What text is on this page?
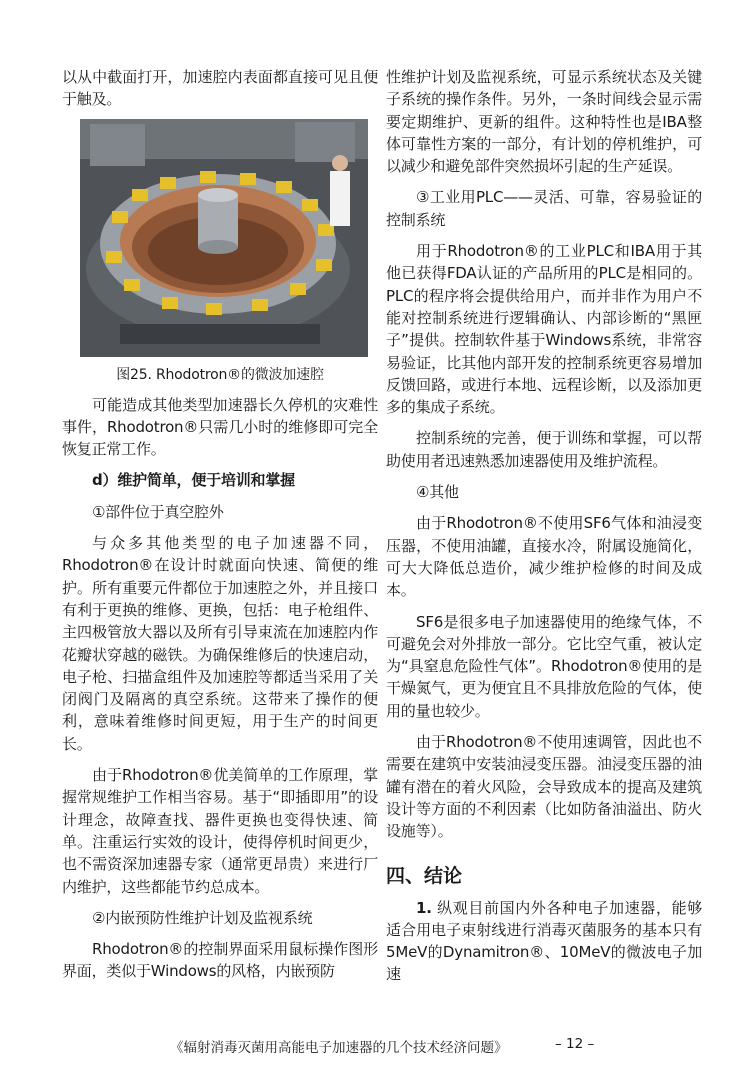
以从中截面打开，加速腔内表面都直接可见且便于触及。

图25. Rhodotron®的微波加速腔

可能造成其他类型加速器长久停机的灾难性事件，Rhodotron®只需几小时的维修即可完全恢复正常工作。

d）维护简单，便于培训和掌握

①部件位于真空腔外

与众多其他类型的电子加速器不同，Rhodotron®在设计时就面向快速、简便的维护。所有重要元件都位于加速腔之外，并且接口有利于更换的维修、更换，包括：电子枪组件、主四极管放大器以及所有引导束流在加速腔内作花瓣状穿越的磁铁。为确保维修后的快速启动，电子枪、扫描盒组件及加速腔等都适当采用了关闭阀门及隔离的真空系统。这带来了操作的便利，意味着维修时间更短，用于生产的时间更长。

由于Rhodotron®优美简单的工作原理，掌握常规维护工作相当容易。基于“即插即用”的设计理念，故障查找、器件更换也变得快速、简单。注重运行实效的设计，使得停机时间更少，也不需资深加速器专家（通常更昂贵）来进行厂内维护，这些都能节约总成本。

②内嵌预防性维护计划及监视系统

Rhodotron®的控制界面采用鼠标操作图形界面，类似于Windows的风格，内嵌预防

性维护计划及监视系统，可显示系统状态及关键子系统的操作条件。另外，一条时间线会显示需要定期维护、更新的组件。这种特性也是IBA整体可靠性方案的一部分，有计划的停机维护，可以减少和避免部件突然损坏引起的生产延误。

③工业用PLC——灵活、可靠，容易验证的控制系统

用于Rhodotron®的工业PLC和IBA用于其他已获得FDA认证的产品所用的PLC是相同的。PLC的程序将会提供给用户，而并非作为用户不能对控制系统进行逻辑确认、内部诊断的“黑匣子”提供。控制软件基于Windows系统，非常容易验证，比其他内部开发的控制系统更容易增加反馈回路，或进行本地、远程诊断，以及添加更多的集成子系统。

控制系统的完善，便于训练和掌握，可以帮助使用者迅速熟悉加速器使用及维护流程。

④其他

由于Rhodotron®不使用SF6气体和油浸变压器，不使用油罐，直接水冷，附属设施简化，可大大降低总造价，减少维护检修的时间及成本。

SF6是很多电子加速器使用的绝缘气体，不可避免会对外排放一部分。它比空气重，被认定为“具窒息危险性气体”。Rhodotron®使用的是干燥氮气，更为便宜且不具排放危险的气体，使用的量也较少。

由于Rhodotron®不使用速调管，因此也不需要在建筑中安装油浸变压器。油浸变压器的油罐有潜在的着火风险，会导致成本的提高及建筑设计等方面的不利因素（比如防备油溢出、防火设施等）。

四、结论

1. 纵观目前国内外各种电子加速器，能够适合用电子束射线进行消毒灭菌服务的基本只有5MeV的Dynamitron®、10MeV的微波电子加速

《辐射消毒灭菌用高能电子加速器的几个技术经济问题》	– 12 –
